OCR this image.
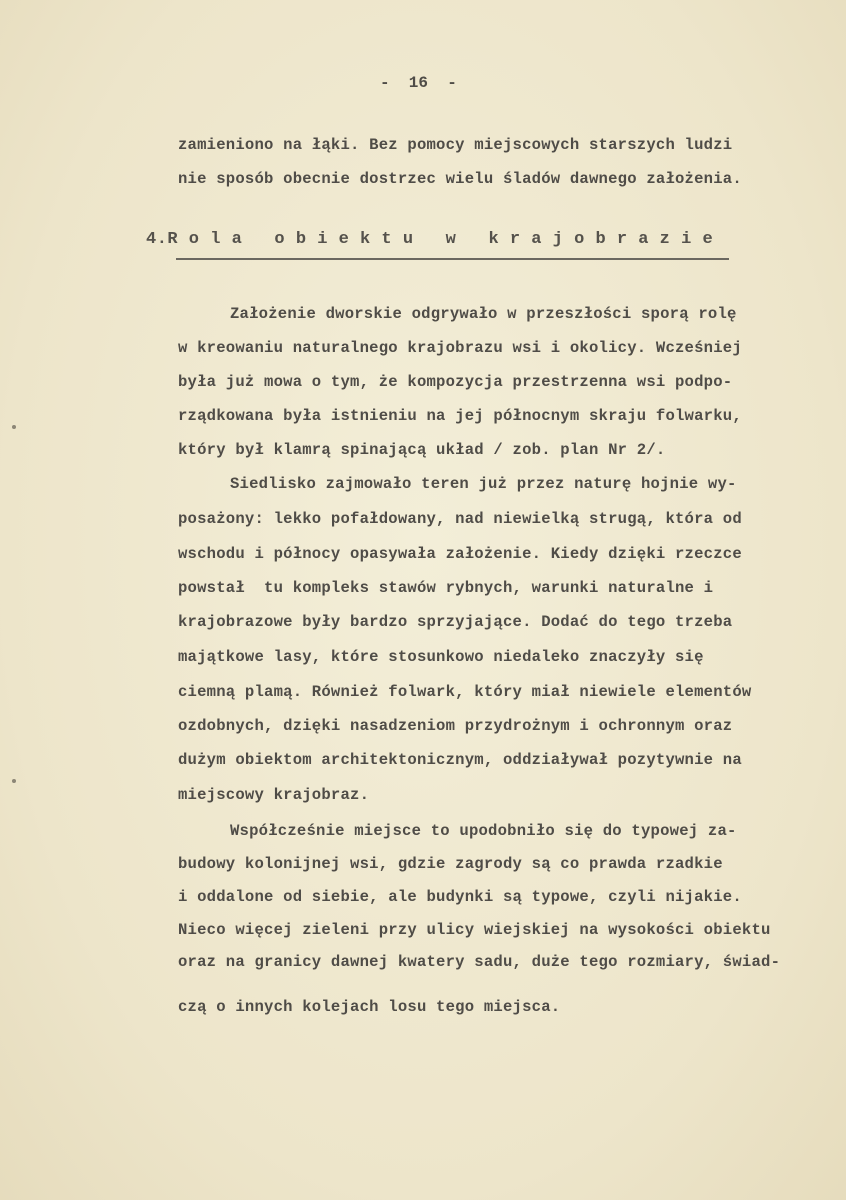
-  16  -
zamieniono na łąki. Bez pomocy miejscowych starszych ludzi
nie sposób obecnie dostrzec wielu śladów dawnego założenia.
4.R o l a   o b i e k t u   w   k r a j o b r a z i e
Założenie dworskie odgrywało w przeszłości sporą rolę
w kreowaniu naturalnego krajobrazu wsi i okolicy. Wcześniej
była już mowa o tym, że kompozycja przestrzenna wsi podpo-
rządkowana była istnieniu na jej północnym skraju folwarku,
który był klamrą spinającą układ / zob. plan Nr 2/.
Siedlisko zajmowało teren już przez naturę hojnie wy-
posażony: lekko pofałdowany, nad niewielką strugą, która od
wschodu i północy opasywała założenie. Kiedy dzięki rzeczce
powstał  tu kompleks stawów rybnych, warunki naturalne i
krajobrazowe były bardzo sprzyjające. Dodać do tego trzeba
majątkowe lasy, które stosunkowo niedaleko znaczyły się
ciemną plamą. Również folwark, który miał niewiele elementów
ozdobnych, dzięki nasadzeniom przydrożnym i ochronnym oraz
dużym obiektom architektonicznym, oddziaływał pozytywnie na
miejscowy krajobraz.
Współcześnie miejsce to upodobniło się do typowej za-
budowy kolonijnej wsi, gdzie zagrody są co prawda rzadkie
i oddalone od siebie, ale budynki są typowe, czyli nijakie.
Nieco więcej zieleni przy ulicy wiejskiej na wysokości obiektu
oraz na granicy dawnej kwatery sadu, duże tego rozmiary, świad-
czą o innych kolejach losu tego miejsca.
